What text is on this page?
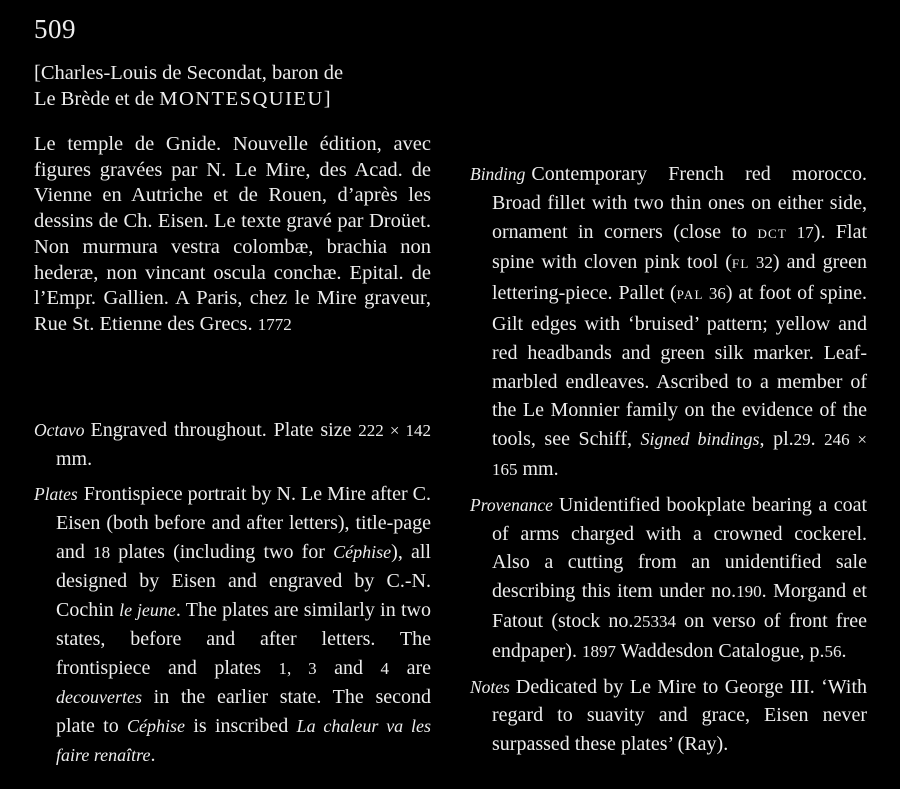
509
[Charles-Louis de Secondat, baron de
Le Brède et de MONTESQUIEU]
Le temple de Gnide. Nouvelle édition, avec figures gravées par N. Le Mire, des Acad. de Vienne en Autriche et de Rouen, d’après les dessins de Ch. Eisen. Le texte gravé par Droüet. Non murmura vestra colombæ, brachia non hederæ, non vincant oscula conchæ. Epital. de l’Empr. Gallien. A Paris, chez le Mire graveur, Rue St. Etienne des Grecs. 1772

Octavo Engraved throughout. Plate size 222 × 142 mm.

Plates Frontispiece portrait by N. Le Mire after C. Eisen (both before and after letters), title-page and 18 plates (including two for Céphise), all designed by Eisen and engraved by C.-N. Cochin le jeune. The plates are similarly in two states, before and after letters. The frontispiece and plates 1, 3 and 4 are decouvertes in the earlier state. The second plate to Céphise is inscribed La chaleur va les faire renaître.

Binding Contemporary French red morocco. Broad fillet with two thin ones on either side, ornament in corners (close to DCT 17). Flat spine with cloven pink tool (FL 32) and green lettering-piece. Pallet (PAL 36) at foot of spine. Gilt edges with ‘bruised’ pattern; yellow and red headbands and green silk marker. Leaf-marbled endleaves. Ascribed to a member of the Le Monnier family on the evidence of the tools, see Schiff, Signed bindings, pl.29. 246 × 165 mm.

Provenance Unidentified bookplate bearing a coat of arms charged with a crowned cockerel. Also a cutting from an unidentified sale describing this item under no.190. Morgand et Fatout (stock no.25334 on verso of front free endpaper). 1897 Waddesdon Catalogue, p.56.

Notes Dedicated by Le Mire to George III. ‘With regard to suavity and grace, Eisen never surpassed these plates’ (Ray).
